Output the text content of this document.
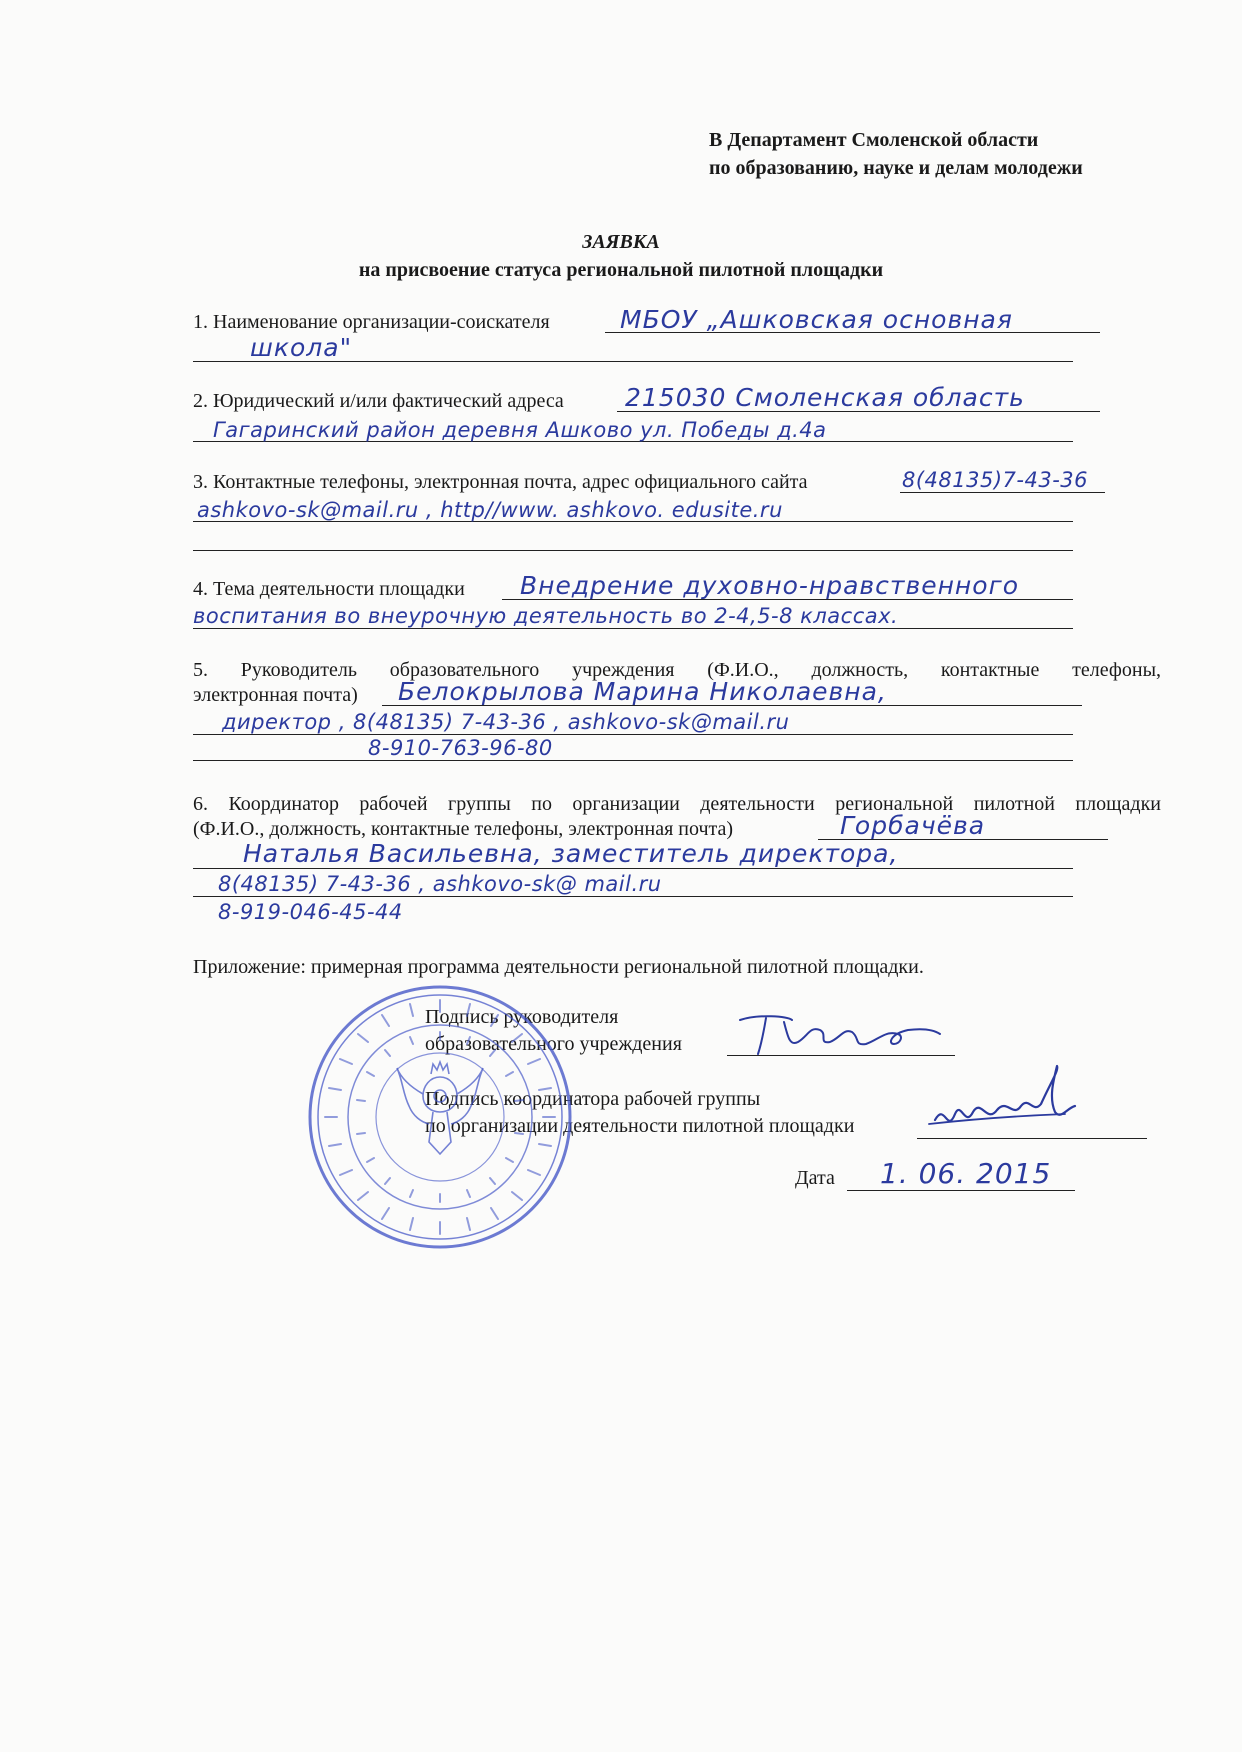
В Департамент Смоленской области
по образованию, науке и делам молодежи
ЗАЯВКА
на присвоение статуса региональной пилотной площадки
1. Наименование организации-соискателя	МБОУ „Ашковская основная
школа"
2. Юридический и/или фактический адреса 215030 Смоленская область
Гагаринский район деревня Ашково ул. Победы д.4а
3. Контактные телефоны, электронная почта, адрес официального сайта	8(48135)7-43-36
ashkovo-sk@mail.ru , http//www. ashkovo. edusite.ru
4. Тема деятельности площадки Внедрение духовно-нравственного
воспитания во внеурочную деятельность во 2-4,5-8 классах.
5. Руководитель образовательного учреждения (Ф.И.О., должность, контактные телефоны,
электронная почта) Белокрылова Марина Николаевна,
директор , 8(48135) 7-43-36 , ashkovo-sk@mail.ru
8-910-763-96-80
6. Координатор рабочей группы по организации деятельности региональной пилотной площадки
(Ф.И.О., должность, контактные телефоны, электронная почта)	Горбачёва
Наталья Васильевна, заместитель директора,
8(48135) 7-43-36 , ashkovo-sk@ mail.ru
8-919-046-45-44
Приложение: примерная программа деятельности региональной пилотной площадки.
Подпись руководителя
образовательного учреждения
Подпись координатора рабочей группы
по организации деятельности пилотной площадки
Дата 1. 06. 2015
